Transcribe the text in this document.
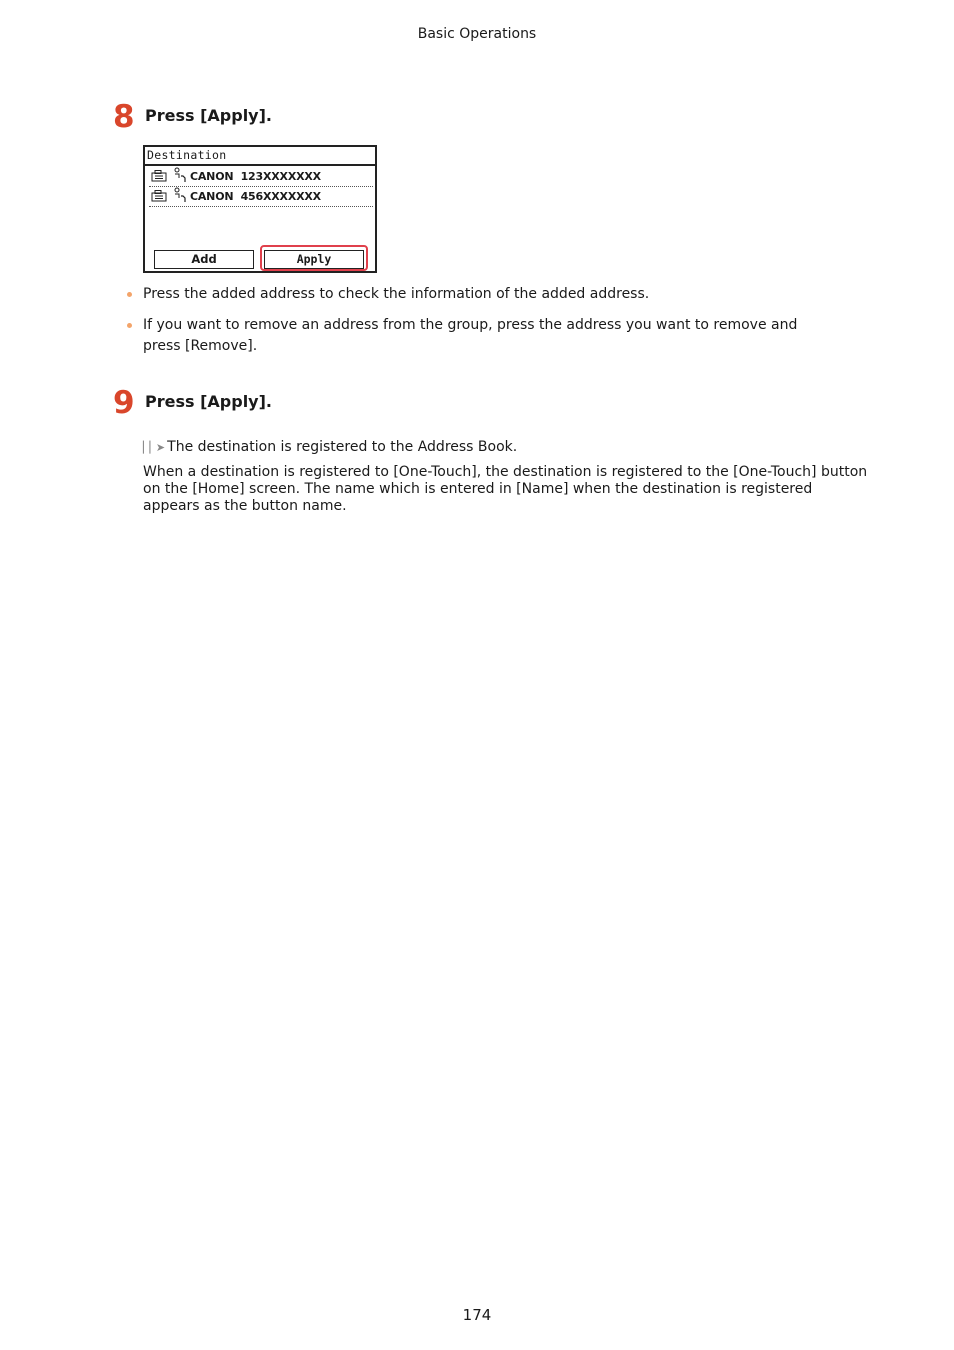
Basic Operations
8 Press [Apply].
Destination
CANON  123XXXXXXX
CANON  456XXXXXXX
Add	Apply
Press the added address to check the information of the added address.
If you want to remove an address from the group, press the address you want to remove and press [Remove].
9 Press [Apply].
▏▏➤ The destination is registered to the Address Book.
When a destination is registered to [One-Touch], the destination is registered to the [One-Touch] button on the [Home] screen. The name which is entered in [Name] when the destination is registered appears as the button name.
174
